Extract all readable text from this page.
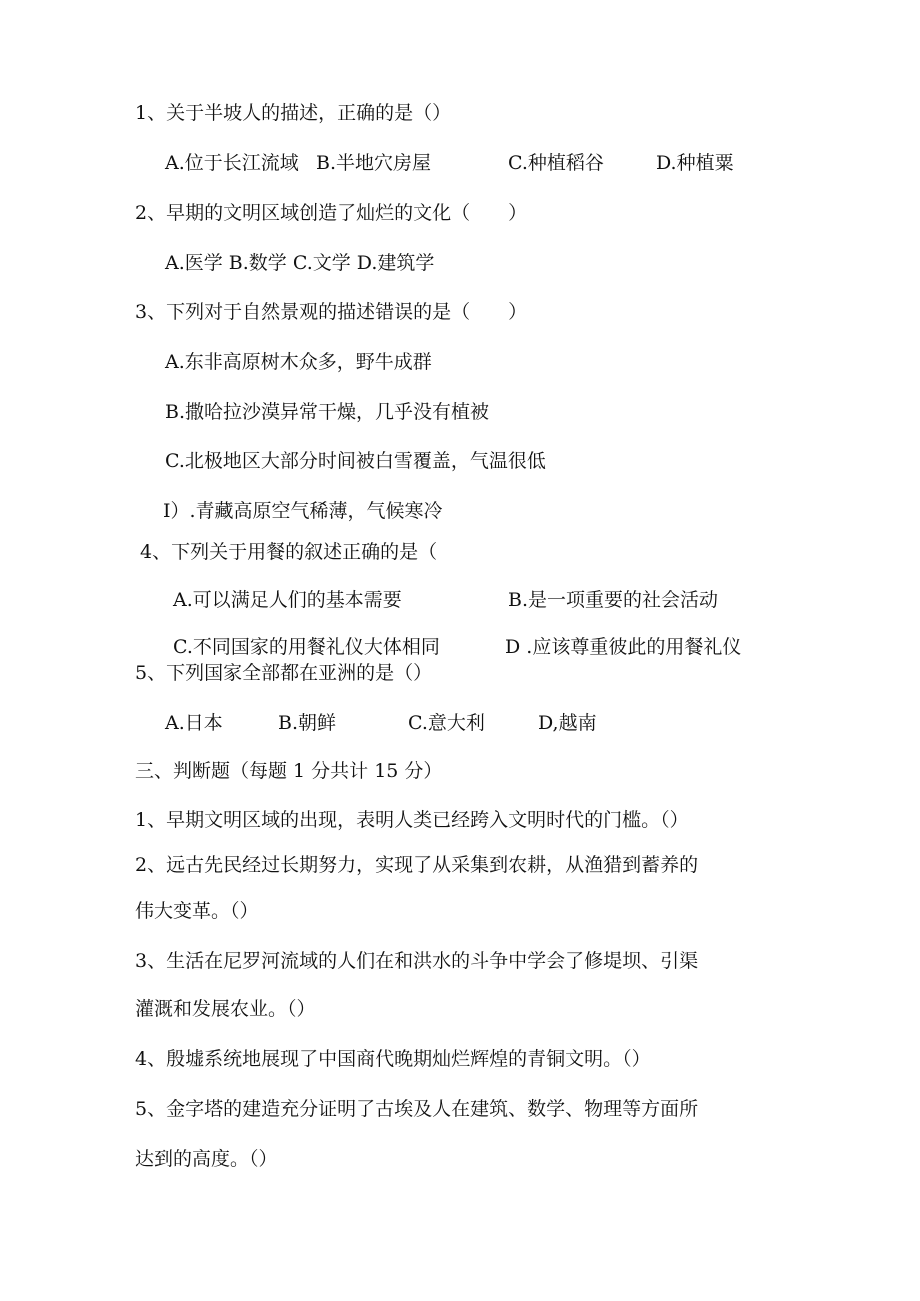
1、关于半坡人的描述，正确的是（）
A.位于长江流域 B.半地穴房屋	C.种植稻谷	D.种植粟
2、早期的文明区域创造了灿烂的文化（　　）
A.医学 B.数学 C.文学 D.建筑学
3、下列对于自然景观的描述错误的是（　　）
A.东非高原树木众多，野牛成群
B.撒哈拉沙漠异常干燥，几乎没有植被
C.北极地区大部分时间被白雪覆盖，气温很低
I）.青藏高原空气稀薄，气候寒冷
4、下列关于用餐的叙述正确的是（
A.可以满足人们的基本需要	B.是一项重要的社会活动
C.不同国家的用餐礼仪大体相同	D .应该尊重彼此的用餐礼仪
5、下列国家全部都在亚洲的是（）
A.日本	B.朝鲜	C.意大利	D,越南
三、判断题（每题 1 分共计 15 分）
1、早期文明区域的出现，表明人类已经跨入文明时代的门槛。（）
2、远古先民经过长期努力，实现了从采集到农耕，从渔猎到蓄养的
伟大变革。（）
3、生活在尼罗河流域的人们在和洪水的斗争中学会了修堤坝、引渠
灌溉和发展农业。（）
4、殷墟系统地展现了中国商代晚期灿烂辉煌的青铜文明。（）
5、金字塔的建造充分证明了古埃及人在建筑、数学、物理等方面所
达到的高度。（）
